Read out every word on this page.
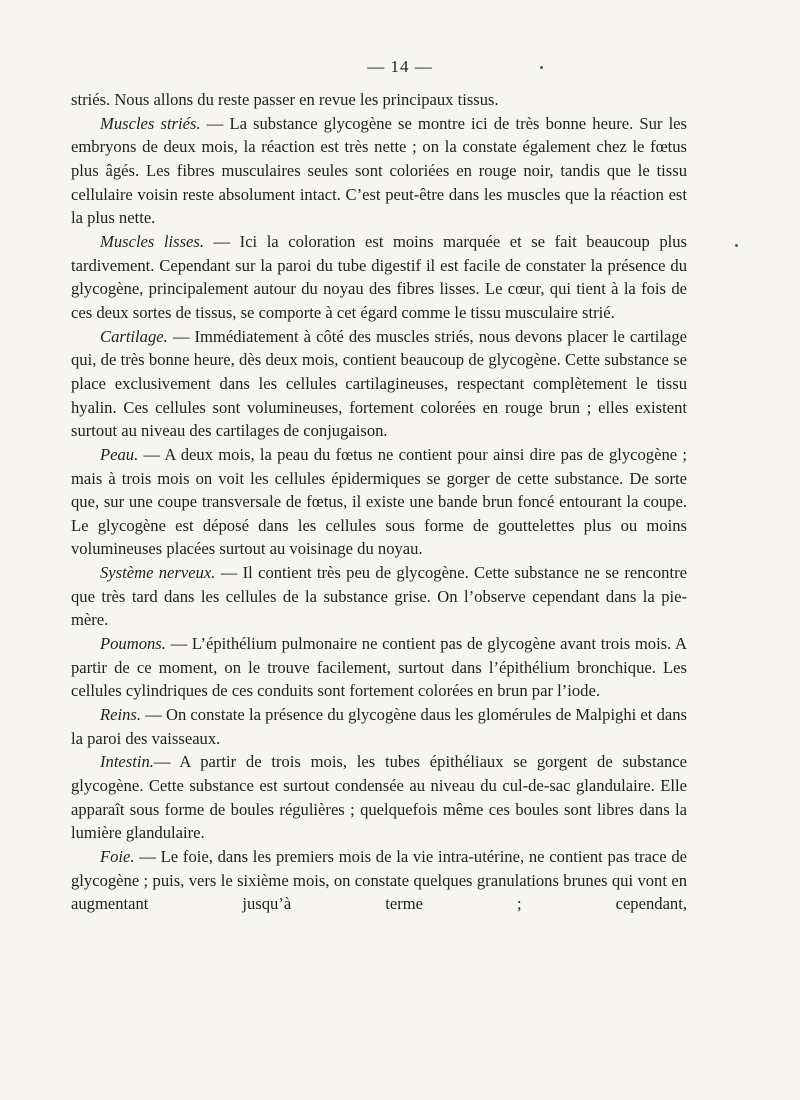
— 14 —

striés. Nous allons du reste passer en revue les principaux tissus.

Muscles striés. — La substance glycogène se montre ici de très bonne heure. Sur les embryons de deux mois, la réaction est très nette ; on la constate également chez le fœtus plus âgés. Les fibres musculaires seules sont coloriées en rouge noir, tandis que le tissu cellulaire voisin reste absolument intact. C’est peut-être dans les muscles que la réaction est la plus nette.

Muscles lisses. — Ici la coloration est moins marquée et se fait beaucoup plus tardivement. Cependant sur la paroi du tube digestif il est facile de constater la présence du glycogène, principalement autour du noyau des fibres lisses. Le cœur, qui tient à la fois de ces deux sortes de tissus, se comporte à cet égard comme le tissu musculaire strié.

Cartilage. — Immédiatement à côté des muscles striés, nous devons placer le cartilage qui, de très bonne heure, dès deux mois, contient beaucoup de glycogène. Cette substance se place exclusivement dans les cellules cartilagineuses, respectant complètement le tissu hyalin. Ces cellules sont volumineuses, fortement colorées en rouge brun ; elles existent surtout au niveau des cartilages de conjugaison.

Peau. — A deux mois, la peau du fœtus ne contient pour ainsi dire pas de glycogène ; mais à trois mois on voit les cellules épidermiques se gorger de cette substance. De sorte que, sur une coupe transversale de fœtus, il existe une bande brun foncé entourant la coupe. Le glycogène est déposé dans les cellules sous forme de gouttelettes plus ou moins volumineuses placées surtout au voisinage du noyau.

Système nerveux. — Il contient très peu de glycogène. Cette substance ne se rencontre que très tard dans les cellules de la substance grise. On l’observe cependant dans la pie-mère.

Poumons. — L’épithélium pulmonaire ne contient pas de glycogène avant trois mois. A partir de ce moment, on le trouve facilement, surtout dans l’épithélium bronchique. Les cellules cylindriques de ces conduits sont fortement colorées en brun par l’iode.

Reins. — On constate la présence du glycogène daus les glomérules de Malpighi et dans la paroi des vaisseaux.

Intestin.— A partir de trois mois, les tubes épithéliaux se gorgent de substance glycogène. Cette substance est surtout condensée au niveau du cul-de-sac glandulaire. Elle apparaît sous forme de boules régulières ; quelquefois même ces boules sont libres dans la lumière glandulaire.

Foie. — Le foie, dans les premiers mois de la vie intra-utérine, ne contient pas trace de glycogène ; puis, vers le sixième mois, on constate quelques granulations brunes qui vont en augmentant jusqu’à terme ; cependant,
